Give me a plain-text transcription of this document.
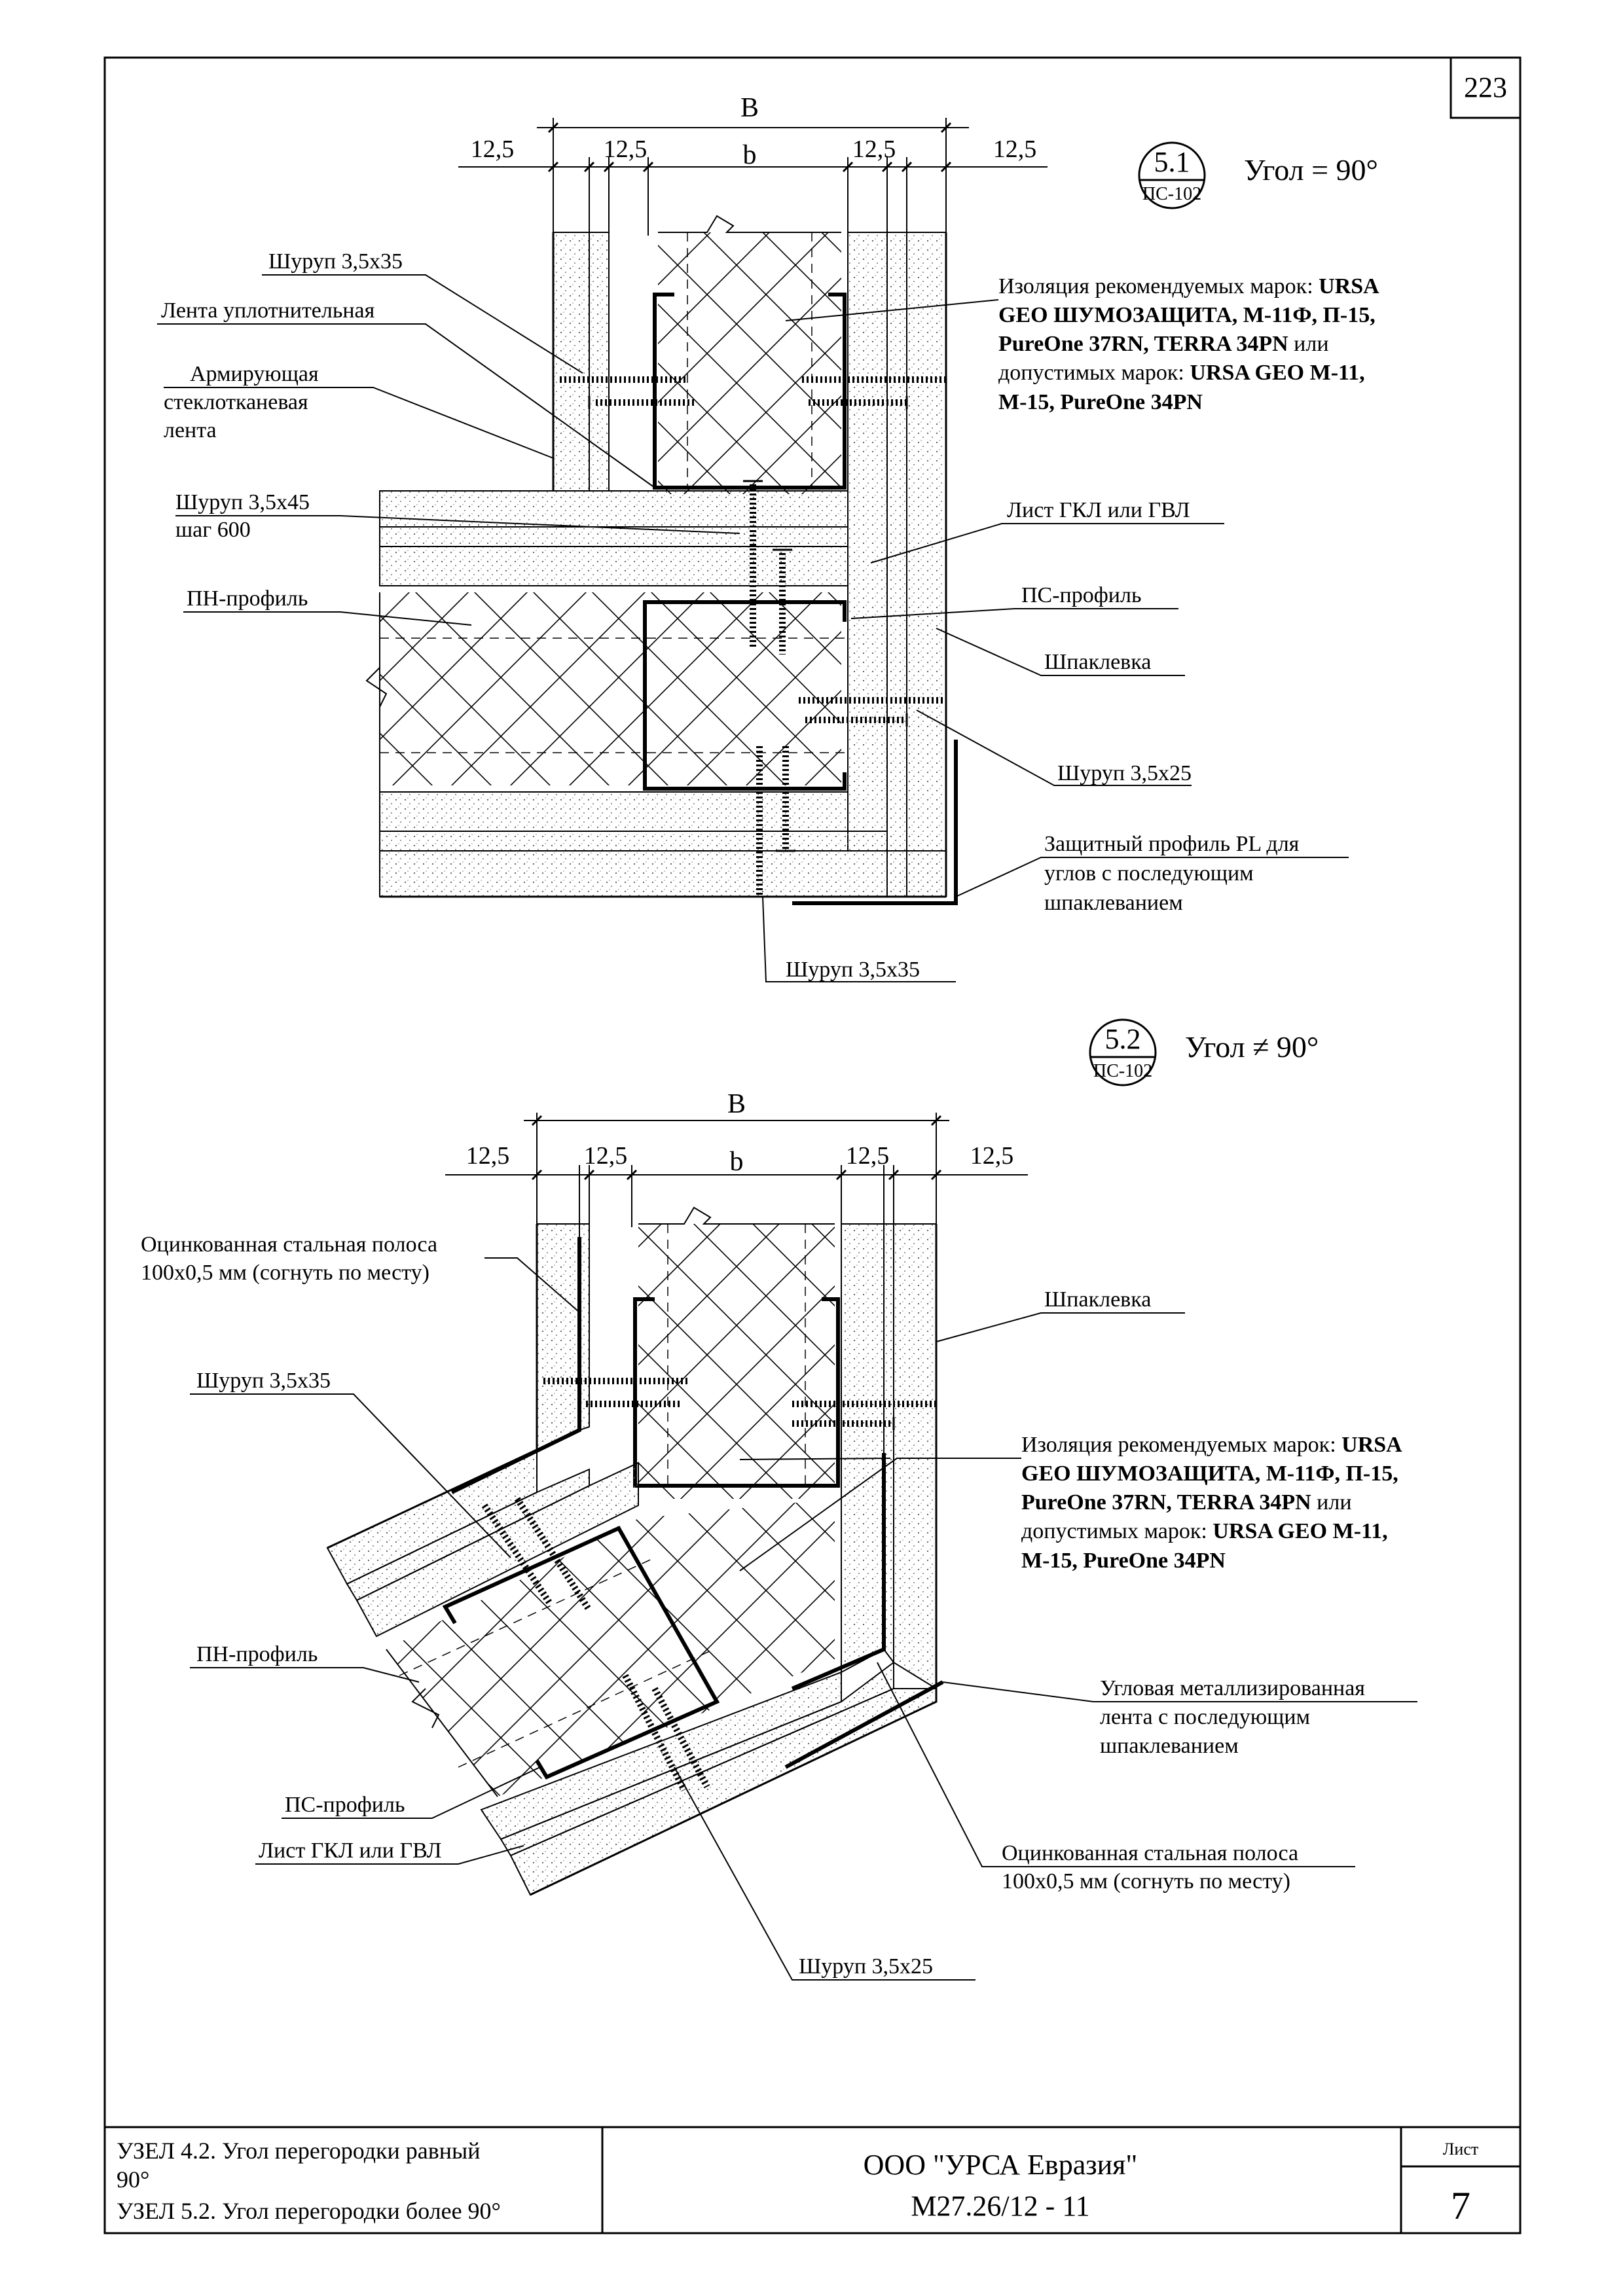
223
B
b
12,5	12,5	12,5	12,5	5.1
ПС-102
Угол = 90°
Шуруп 3,5х35
Лента уплотнительная
Армирующая
стеклотканевая
лента
Шуруп 3,5х45
шаг 600
ПН-профиль
Изоляция рекомендуемых марок: URSA
GEO ШУМОЗАЩИТА, М-11Ф, П-15,
PureOne 37RN, TERRA 34PN или
допустимых марок: URSA GEO М-11,
М-15, PureOne 34PN
Лист ГКЛ или ГВЛ
ПС-профиль
Шпаклевка
Шуруп 3,5х25
Защитный профиль PL для
углов с последующим
шпаклеванием
Шуруп 3,5х35
B
b
12,5	12,5	12,5	12,5
5.2
ПС-102
Угол ≠ 90°
Оцинкованная стальная полоса
100х0,5 мм (согнуть по месту)
Шуруп 3,5х35
ПН-профиль
ПС-профиль
Лист ГКЛ или ГВЛ
Шпаклевка
Изоляция рекомендуемых марок: URSA
GEO ШУМОЗАЩИТА, М-11Ф, П-15,
PureOne 37RN, TERRA 34PN или
допустимых марок: URSA GEO М-11,
М-15, PureOne 34PN
Угловая металлизированная
лента с последующим
шпаклеванием
Оцинкованная стальная полоса
100х0,5 мм (согнуть по месту)
Шуруп 3,5х25
УЗЕЛ 4.2. Угол перегородки равный
90°
УЗЕЛ 5.2. Угол перегородки более 90°
ООО "УРСА Евразия"
М27.26/12 - 11
Лист
7
